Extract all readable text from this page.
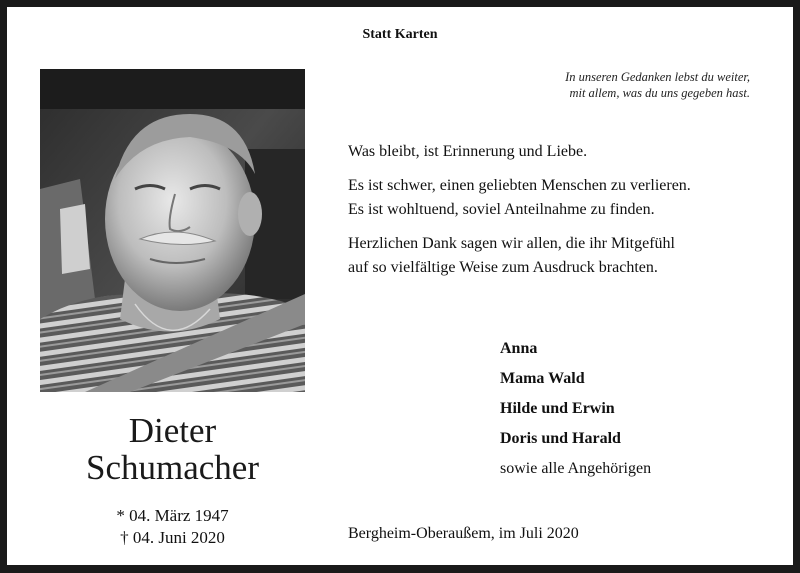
Statt Karten
Dieter
Schumacher
* 04. März 1947
† 04. Juni 2020
In unseren Gedanken lebst du weiter,
mit allem, was du uns gegeben hast.

Was bleibt, ist Erinnerung und Liebe.

Es ist schwer, einen geliebten Menschen zu verlieren.
Es ist wohltuend, soviel Anteilnahme zu finden.

Herzlichen Dank sagen wir allen, die ihr Mitgefühl
auf so vielfältige Weise zum Ausdruck brachten.

Anna
Mama Wald
Hilde und Erwin
Doris und Harald
sowie alle Angehörigen
Bergheim-Oberaußem, im Juli 2020
